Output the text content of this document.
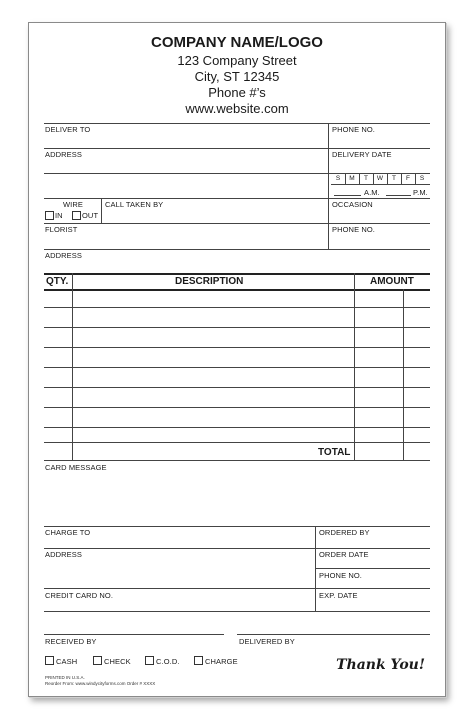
COMPANY NAME/LOGO
123 Company Street
City, ST 12345
Phone #’s
www.website.com
DELIVER TO	PHONE NO.
ADDRESS	DELIVERY DATE
S	M	T	W	T	F	S
A.M.	P.M.
WIRE
IN	OUT
CALL TAKEN BY	OCCASION
FLORIST	PHONE NO.
ADDRESS
QTY.	DESCRIPTION	AMOUNT
TOTAL
CARD MESSAGE
CHARGE TO	ORDERED BY
ADDRESS	ORDER DATE
PHONE NO.
CREDIT CARD NO.	EXP. DATE
RECEIVED BY	DELIVERED BY
CASH	CHECK	C.O.D.	CHARGE	Thank You!
PRINTED IN U.S.A.
Reorder From: www.windycityforms.com Order # XXXX
